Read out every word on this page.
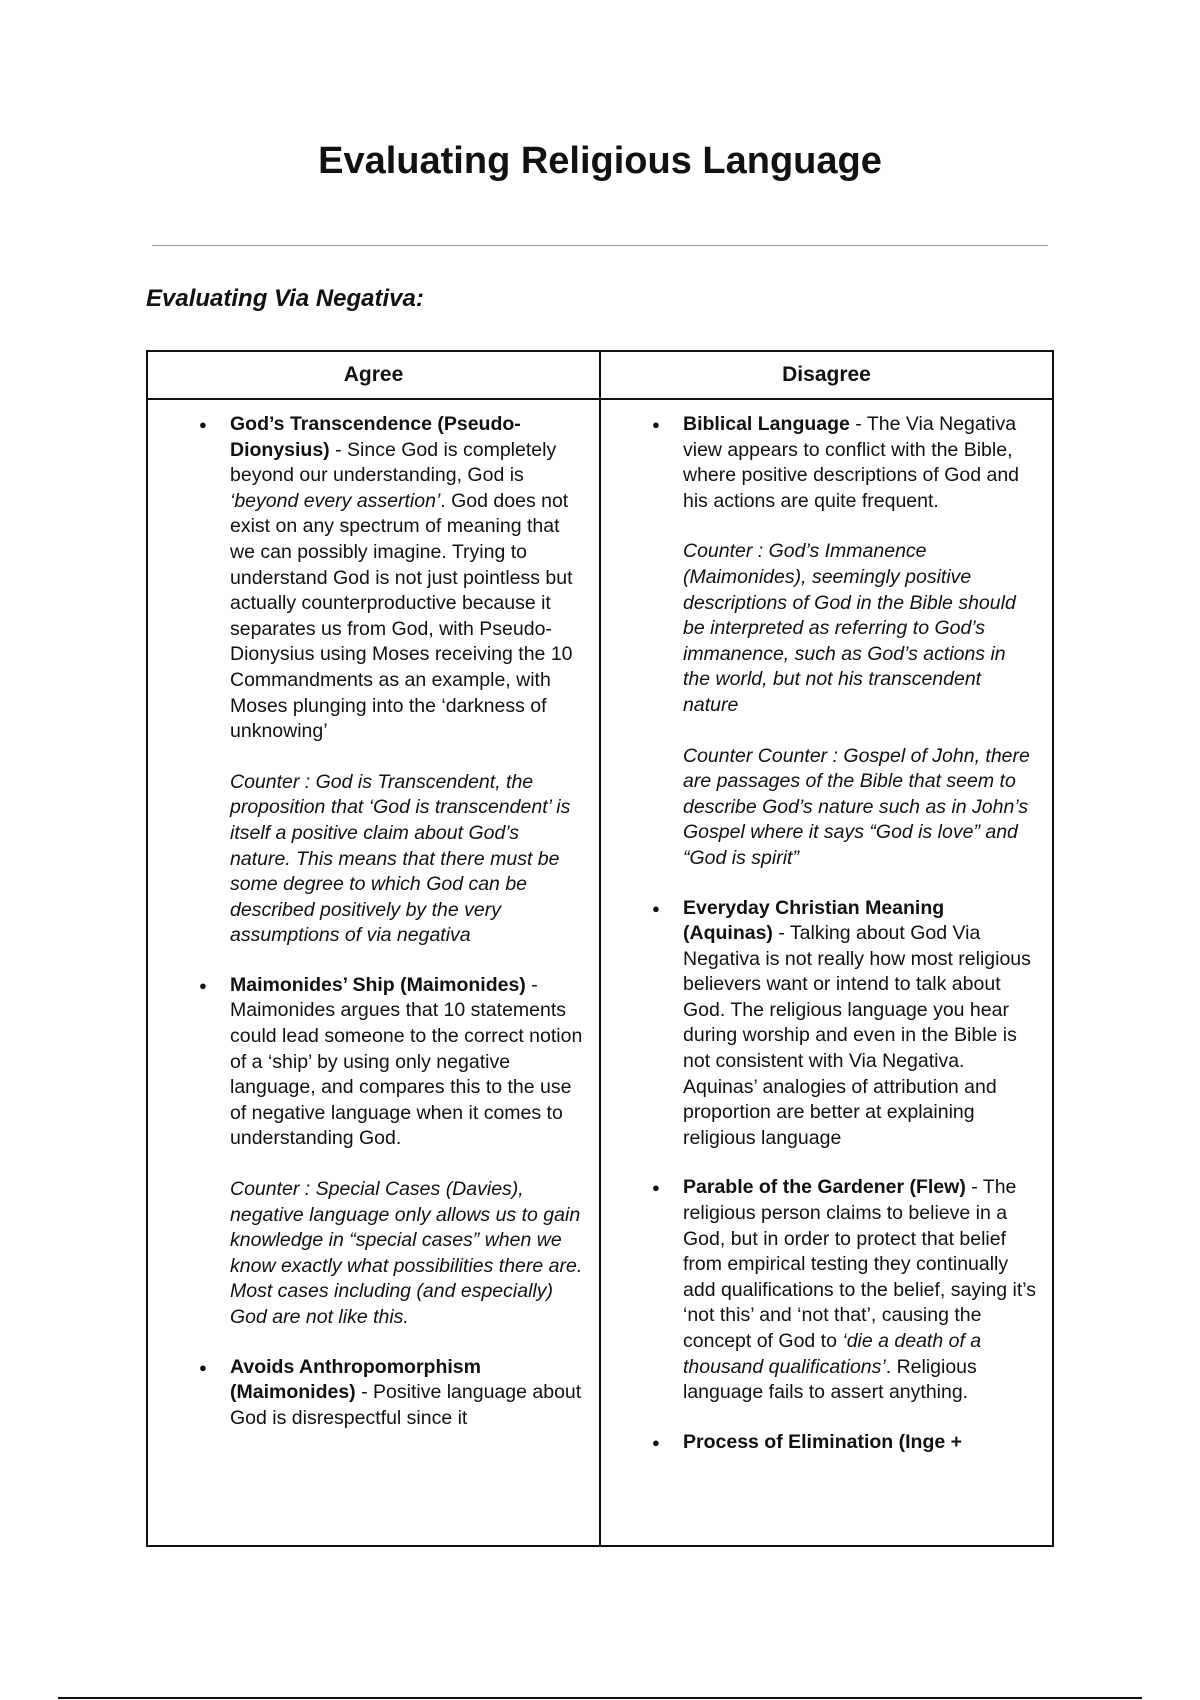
Evaluating Religious Language
Evaluating Via Negativa:
Agree	Disagree
● God’s Transcendence (Pseudo-Dionysius) - Since God is completely beyond our understanding, God is ‘beyond every assertion’. God does not exist on any spectrum of meaning that we can possibly imagine. Trying to understand God is not just pointless but actually counterproductive because it separates us from God, with Pseudo-Dionysius using Moses receiving the 10 Commandments as an example, with Moses plunging into the ‘darkness of unknowing’

Counter : God is Transcendent, the proposition that ‘God is transcendent’ is itself a positive claim about God’s nature. This means that there must be some degree to which God can be described positively by the very assumptions of via negativa

● Maimonides’ Ship (Maimonides) - Maimonides argues that 10 statements could lead someone to the correct notion of a ‘ship’ by using only negative language, and compares this to the use of negative language when it comes to understanding God.

Counter : Special Cases (Davies), negative language only allows us to gain knowledge in “special cases” when we know exactly what possibilities there are. Most cases including (and especially) God are not like this.

● Avoids Anthropomorphism (Maimonides) - Positive language about God is disrespectful since it
● Biblical Language - The Via Negativa view appears to conflict with the Bible, where positive descriptions of God and his actions are quite frequent.

Counter : God’s Immanence (Maimonides), seemingly positive descriptions of God in the Bible should be interpreted as referring to God’s immanence, such as God’s actions in the world, but not his transcendent nature

Counter Counter : Gospel of John, there are passages of the Bible that seem to describe God’s nature such as in John’s Gospel where it says “God is love” and “God is spirit”

● Everyday Christian Meaning (Aquinas) - Talking about God Via Negativa is not really how most religious believers want or intend to talk about God. The religious language you hear during worship and even in the Bible is not consistent with Via Negativa. Aquinas’ analogies of attribution and proportion are better at explaining religious language
● Parable of the Gardener (Flew) - The religious person claims to believe in a God, but in order to protect that belief from empirical testing they continually add qualifications to the belief, saying it’s ‘not this’ and ‘not that’, causing the concept of God to ‘die a death of a thousand qualifications’. Religious language fails to assert anything.
● Process of Elimination (Inge +
